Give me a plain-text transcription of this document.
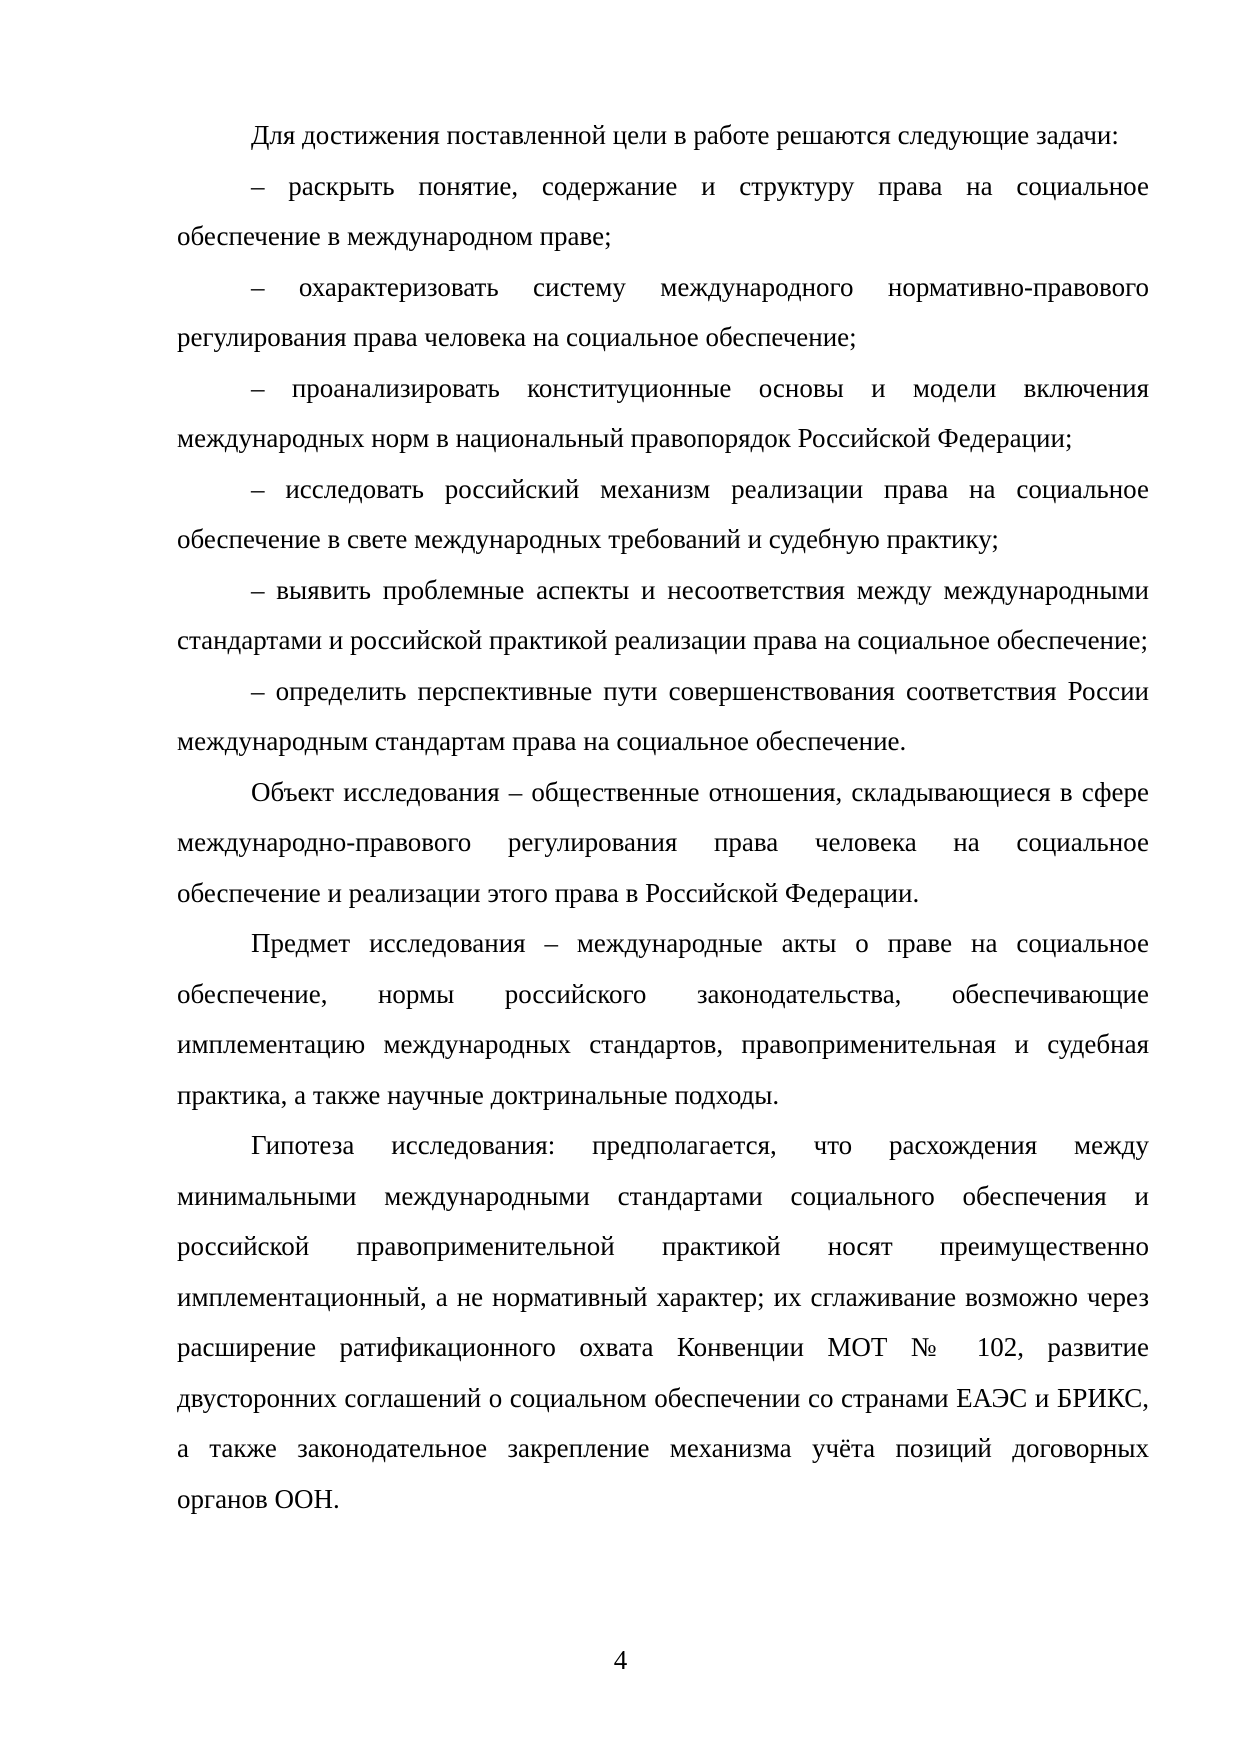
Для достижения поставленной цели в работе решаются следующие задачи:

– раскрыть понятие, содержание и структуру права на социальное обеспечение в международном праве;

– охарактеризовать систему международного нормативно-правового регулирования права человека на социальное обеспечение;

– проанализировать конституционные основы и модели включения международных норм в национальный правопорядок Российской Федерации;

– исследовать российский механизм реализации права на социальное обеспечение в свете международных требований и судебную практику;

– выявить проблемные аспекты и несоответствия между международными стандартами и российской практикой реализации права на социальное обеспечение;

– определить перспективные пути совершенствования соответствия России международным стандартам права на социальное обеспечение.

Объект исследования – общественные отношения, складывающиеся в сфере международно-правового регулирования права человека на социальное обеспечение и реализации этого права в Российской Федерации.

Предмет исследования – международные акты о праве на социальное обеспечение, нормы российского законодательства, обеспечивающие имплементацию международных стандартов, правоприменительная и судебная практика, а также научные доктринальные подходы.

Гипотеза исследования: предполагается, что расхождения между минимальными международными стандартами социального обеспечения и российской правоприменительной практикой носят преимущественно имплементационный, а не нормативный характер; их сглаживание возможно через расширение ратификационного охвата Конвенции МОТ № 102, развитие двусторонних соглашений о социальном обеспечении со странами ЕАЭС и БРИКС, а также законодательное закрепление механизма учёта позиций договорных органов ООН.

4
